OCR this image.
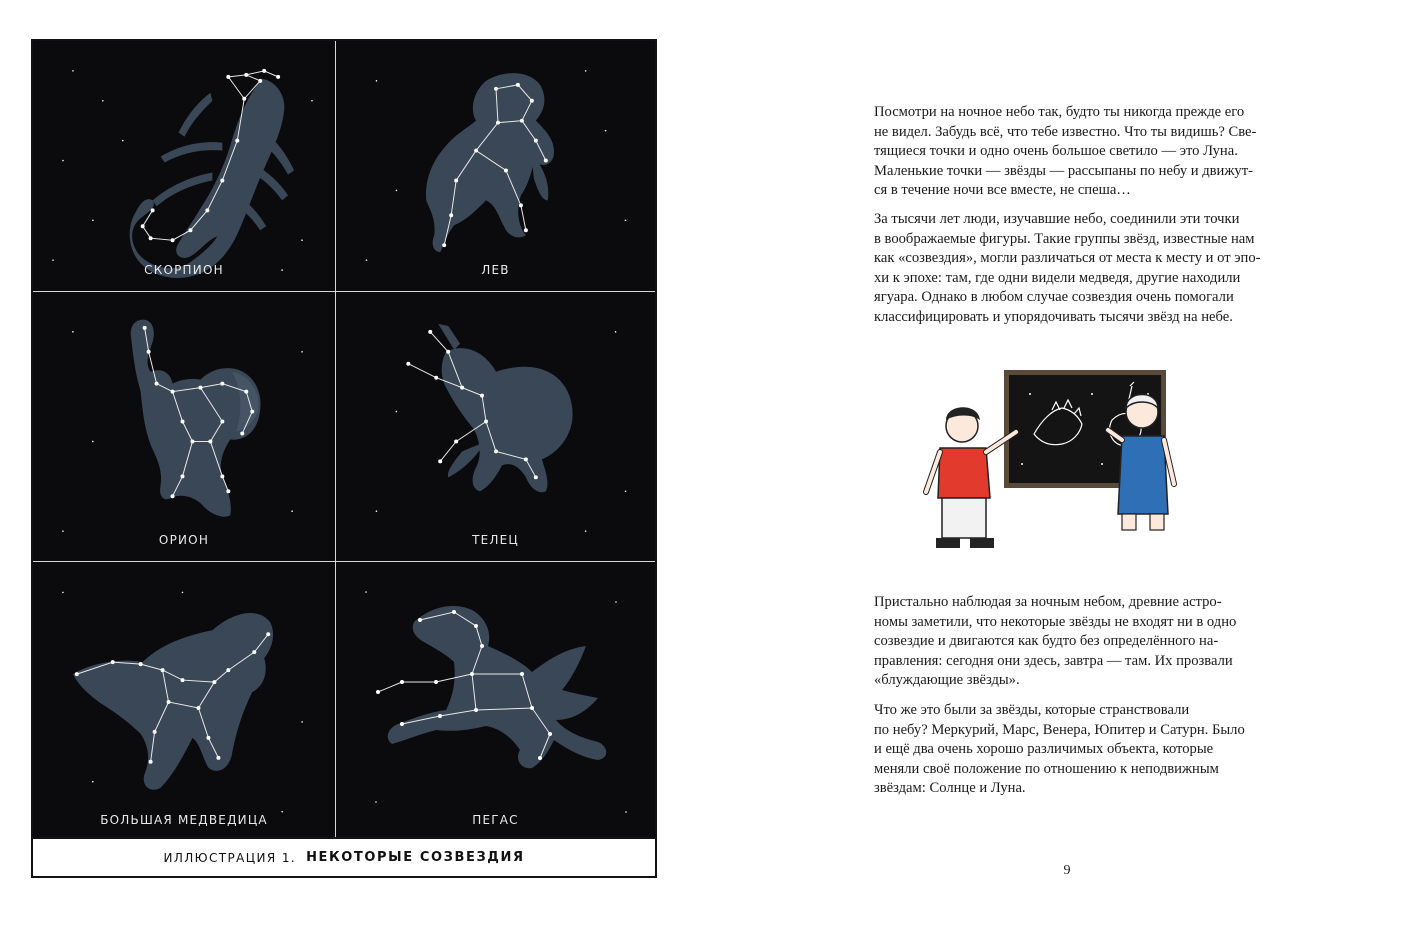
СКОРПИОН	ЛЕВ
ОРИОН	ТЕЛЕЦ
БОЛЬШАЯ МЕДВЕДИЦА	ПЕГАС
ИЛЛЮСТРАЦИЯ 1. НЕКОТОРЫЕ СОЗВЕЗДИЯ

Посмотри на ночное небо так, будто ты никогда прежде его
не видел. Забудь всё, что тебе известно. Что ты видишь? Све-
тящиеся точки и одно очень большое светило — это Луна.
Маленькие точки — звёзды — рассыпаны по небу и движут-
ся в течение ночи все вместе, не спеша…

За тысячи лет люди, изучавшие небо, соединили эти точки
в воображаемые фигуры. Такие группы звёзд, известные нам
как «созвездия», могли различаться от места к месту и от эпо-
хи к эпохе: там, где одни видели медведя, другие находили
ягуара. Однако в любом случае созвездия очень помогали
классифицировать и упорядочивать тысячи звёзд на небе.

Пристально наблюдая за ночным небом, древние астро-
номы заметили, что некоторые звёзды не входят ни в одно
созвездие и двигаются как будто без определённого на-
правления: сегодня они здесь, завтра — там. Их прозвали
«блуждающие звёзды».

Что же это были за звёзды, которые странствовали
по небу? Меркурий, Марс, Венера, Юпитер и Сатурн. Было
и ещё два очень хорошо различимых объекта, которые
меняли своё положение по отношению к неподвижным
звёздам: Солнце и Луна.

9
